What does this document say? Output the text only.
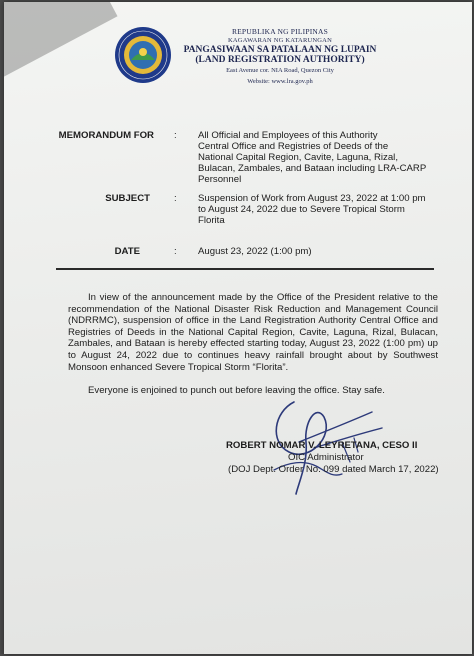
REPUBLIKA NG PILIPINAS
KAGAWARAN NG KATARUNGAN
PANGASIWAAN SA PATALAAN NG LUPAIN
(LAND REGISTRATION AUTHORITY)
East Avenue cor. NIA Road, Quezon City
Website: www.lra.gov.ph
MEMORANDUM FOR :	All Official and Employees of this Authority
Central Office and Registries of Deeds of the
National Capital Region, Cavite, Laguna, Rizal,
Bulacan, Zambales, and Bataan including LRA-CARP
Personnel
SUBJECT	:	Suspension of Work from August 23, 2022 at 1:00 pm
to August 24, 2022 due to Severe Tropical Storm
Florita
DATE	:	August 23, 2022 (1:00 pm)
In view of the announcement made by the Office of the President relative to the recommendation of the National Disaster Risk Reduction and Management Council (NDRRMC), suspension of office in the Land Registration Authority Central Office and Registries of Deeds in the National Capital Region, Cavite, Laguna, Rizal, Bulacan, Zambales, and Bataan is hereby effected starting today, August 23, 2022 (1:00 pm) up to August 24, 2022 due to continues heavy rainfall brought about by Southwest Monsoon enhanced Severe Tropical Storm “Florita”.
Everyone is enjoined to punch out before leaving the office. Stay safe.
ROBERT NOMAR V. LEYRETANA, CESO II
OIC Administrator
(DOJ Dept. Order No. 099 dated March 17, 2022)
